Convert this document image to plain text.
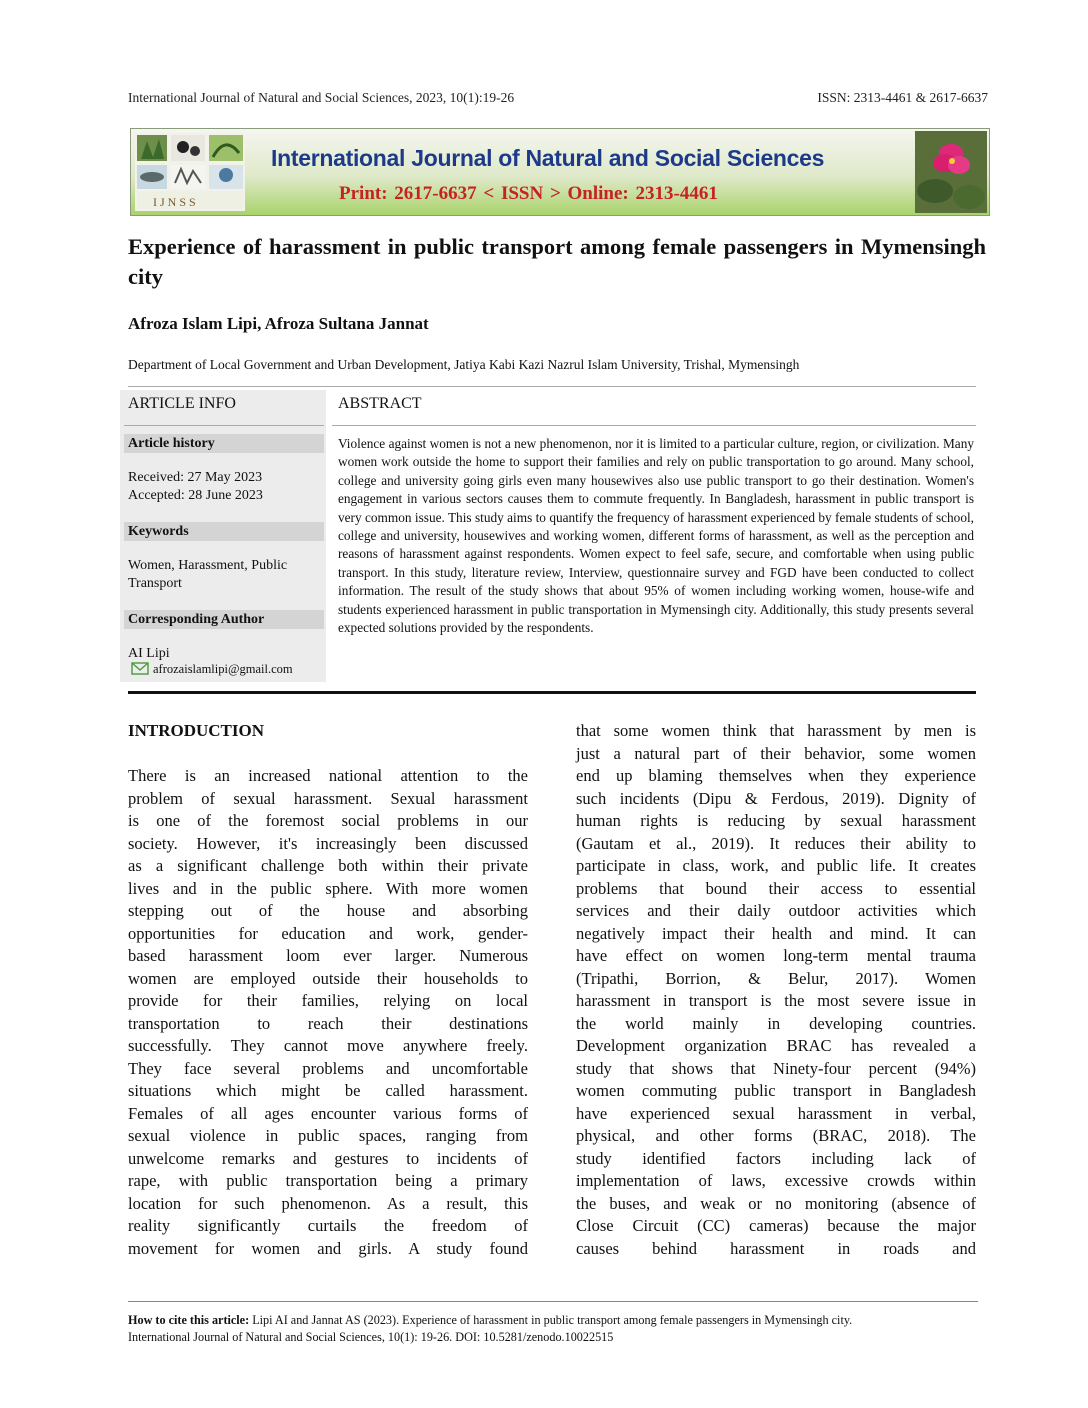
International Journal of Natural and Social Sciences, 2023, 10(1):19-26	ISSN: 2313-4461 & 2617-6637
IJNSS
International Journal of Natural and Social Sciences
Print: 2617-6637 < ISSN > Online: 2313-4461
Experience of harassment in public transport among female passengers in Mymensingh city
Afroza Islam Lipi, Afroza Sultana Jannat
Department of Local Government and Urban Development, Jatiya Kabi Kazi Nazrul Islam University, Trishal, Mymensingh
ARTICLE INFO
Article history
Received: 27 May 2023
Accepted: 28 June 2023
Keywords
Women, Harassment, Public
Transport
Corresponding Author
AI Lipi
afrozaislamlipi@gmail.com
ABSTRACT
Violence against women is not a new phenomenon, nor it is limited to a particular culture, region, or civilization. Many women work outside the home to support their families and rely on public transportation to go around. Many school, college and university going girls even many housewives also use public transport to go their destination. Women's engagement in various sectors causes them to commute frequently. In Bangladesh, harassment in public transport is very common issue. This study aims to quantify the frequency of harassment experienced by female students of school, college and university, housewives and working women, different forms of harassment, as well as the perception and reasons of harassment against respondents. Women expect to feel safe, secure, and comfortable when using public transport. In this study, literature review, Interview, questionnaire survey and FGD have been conducted to collect information. The result of the study shows that about 95% of women including working women, house-wife and students experienced harassment in public transportation in Mymensingh city. Additionally, this study presents several expected solutions provided by the respondents.
INTRODUCTION
There is an increased national attention to the
problem of sexual harassment. Sexual harassment
is one of the foremost social problems in our
society. However, it's increasingly been discussed
as a significant challenge both within their private
lives and in the public sphere. With more women
stepping out of the house and absorbing
opportunities for education and work, gender-
based harassment loom ever larger. Numerous
women are employed outside their households to
provide for their families, relying on local
transportation to reach their destinations
successfully. They cannot move anywhere freely.
They face several problems and uncomfortable
situations which might be called harassment.
Females of all ages encounter various forms of
sexual violence in public spaces, ranging from
unwelcome remarks and gestures to incidents of
rape, with public transportation being a primary
location for such phenomenon. As a result, this
reality significantly curtails the freedom of
movement for women and girls. A study found
that some women think that harassment by men is
just a natural part of their behavior, some women
end up blaming themselves when they experience
such incidents (Dipu & Ferdous, 2019). Dignity of
human rights is reducing by sexual harassment
(Gautam et al., 2019). It reduces their ability to
participate in class, work, and public life. It creates
problems that bound their access to essential
services and their daily outdoor activities which
negatively impact their health and mind. It can
have effect on women long-term mental trauma
(Tripathi, Borrion, & Belur, 2017). Women
harassment in transport is the most severe issue in
the world mainly in developing countries.
Development organization BRAC has revealed a
study that shows that Ninety-four percent (94%)
women commuting public transport in Bangladesh
have experienced sexual harassment in verbal,
physical, and other forms (BRAC, 2018). The
study identified factors including lack of
implementation of laws, excessive crowds within
the buses, and weak or no monitoring (absence of
Close Circuit (CC) cameras) because the major
causes behind harassment in roads and
How to cite this article: Lipi AI and Jannat AS (2023). Experience of harassment in public transport among female passengers in Mymensingh city.
International Journal of Natural and Social Sciences, 10(1): 19-26. DOI: 10.5281/zenodo.10022515
